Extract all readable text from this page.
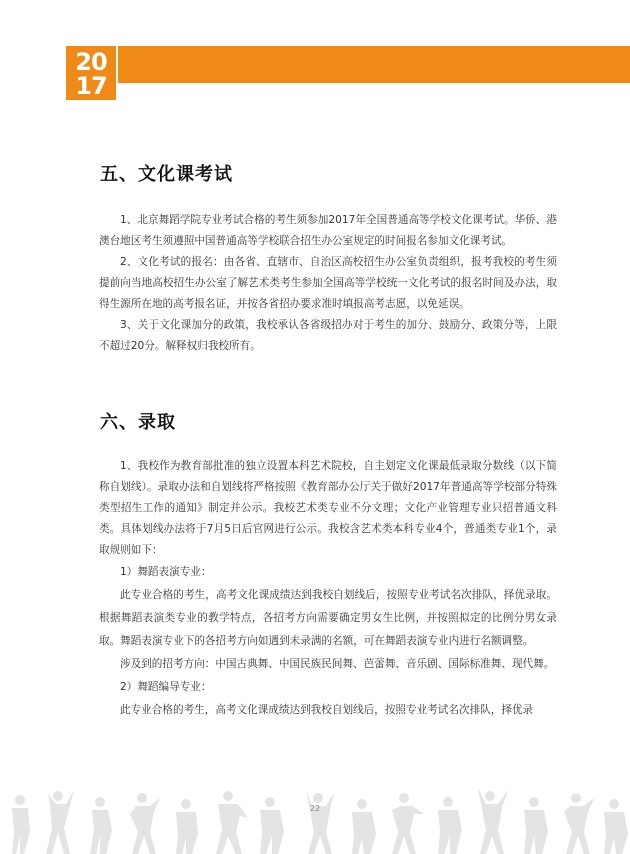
20
17
五、文化课考试

1、北京舞蹈学院专业考试合格的考生须参加2017年全国普通高等学校文化课考试。华侨、港澳台地区考生须遵照中国普通高等学校联合招生办公室规定的时间报名参加文化课考试。

2、文化考试的报名：由各省、直辖市、自治区高校招生办公室负责组织，报考我校的考生须提前向当地高校招生办公室了解艺术类考生参加全国高等学校统一文化考试的报名时间及办法，取得生源所在地的高考报名证，并按各省招办要求准时填报高考志愿，以免延误。

3、关于文化课加分的政策，我校承认各省级招办对于考生的加分、鼓励分、政策分等，上限不超过20分。解释权归我校所有。

六、录取

1、我校作为教育部批准的独立设置本科艺术院校，自主划定文化课最低录取分数线（以下简称自划线）。录取办法和自划线将严格按照《教育部办公厅关于做好2017年普通高等学校部分特殊类型招生工作的通知》制定并公示。我校艺术类专业不分文理；文化产业管理专业只招普通文科类。具体划线办法将于7月5日后官网进行公示。我校含艺术类本科专业4个，普通类专业1个，录取规则如下：

1）舞蹈表演专业：

此专业合格的考生，高考文化课成绩达到我校自划线后，按照专业考试名次排队，择优录取。根据舞蹈表演类专业的教学特点，各招考方向需要确定男女生比例，并按照拟定的比例分男女录取。舞蹈表演专业下的各招考方向如遇到未录满的名额，可在舞蹈表演专业内进行名额调整。

涉及到的招考方向：中国古典舞、中国民族民间舞、芭蕾舞、音乐剧、国际标准舞、现代舞。

2）舞蹈编导专业：

此专业合格的考生，高考文化课成绩达到我校自划线后，按照专业考试名次排队，择优录

22
